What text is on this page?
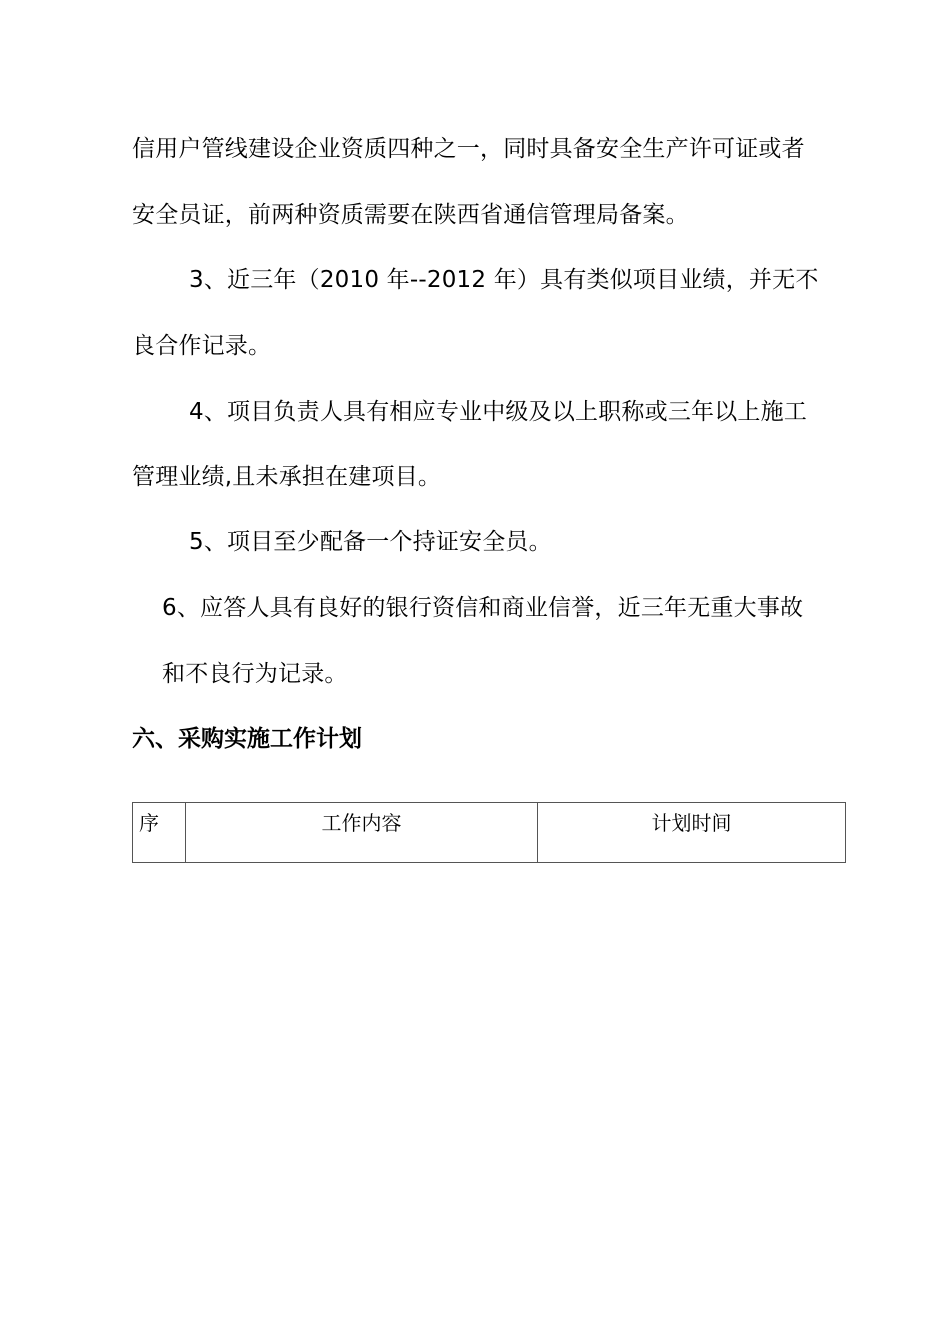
信用户管线建设企业资质四种之一，同时具备安全生产许可证或者
安全员证，前两种资质需要在陕西省通信管理局备案。
3、近三年（2010 年--2012 年）具有类似项目业绩，并无不
良合作记录。
4、项目负责人具有相应专业中级及以上职称或三年以上施工
管理业绩,且未承担在建项目。
5、项目至少配备一个持证安全员。
6、应答人具有良好的银行资信和商业信誉，近三年无重大事故
和不良行为记录。
六、采购实施工作计划
序	工作内容	计划时间
